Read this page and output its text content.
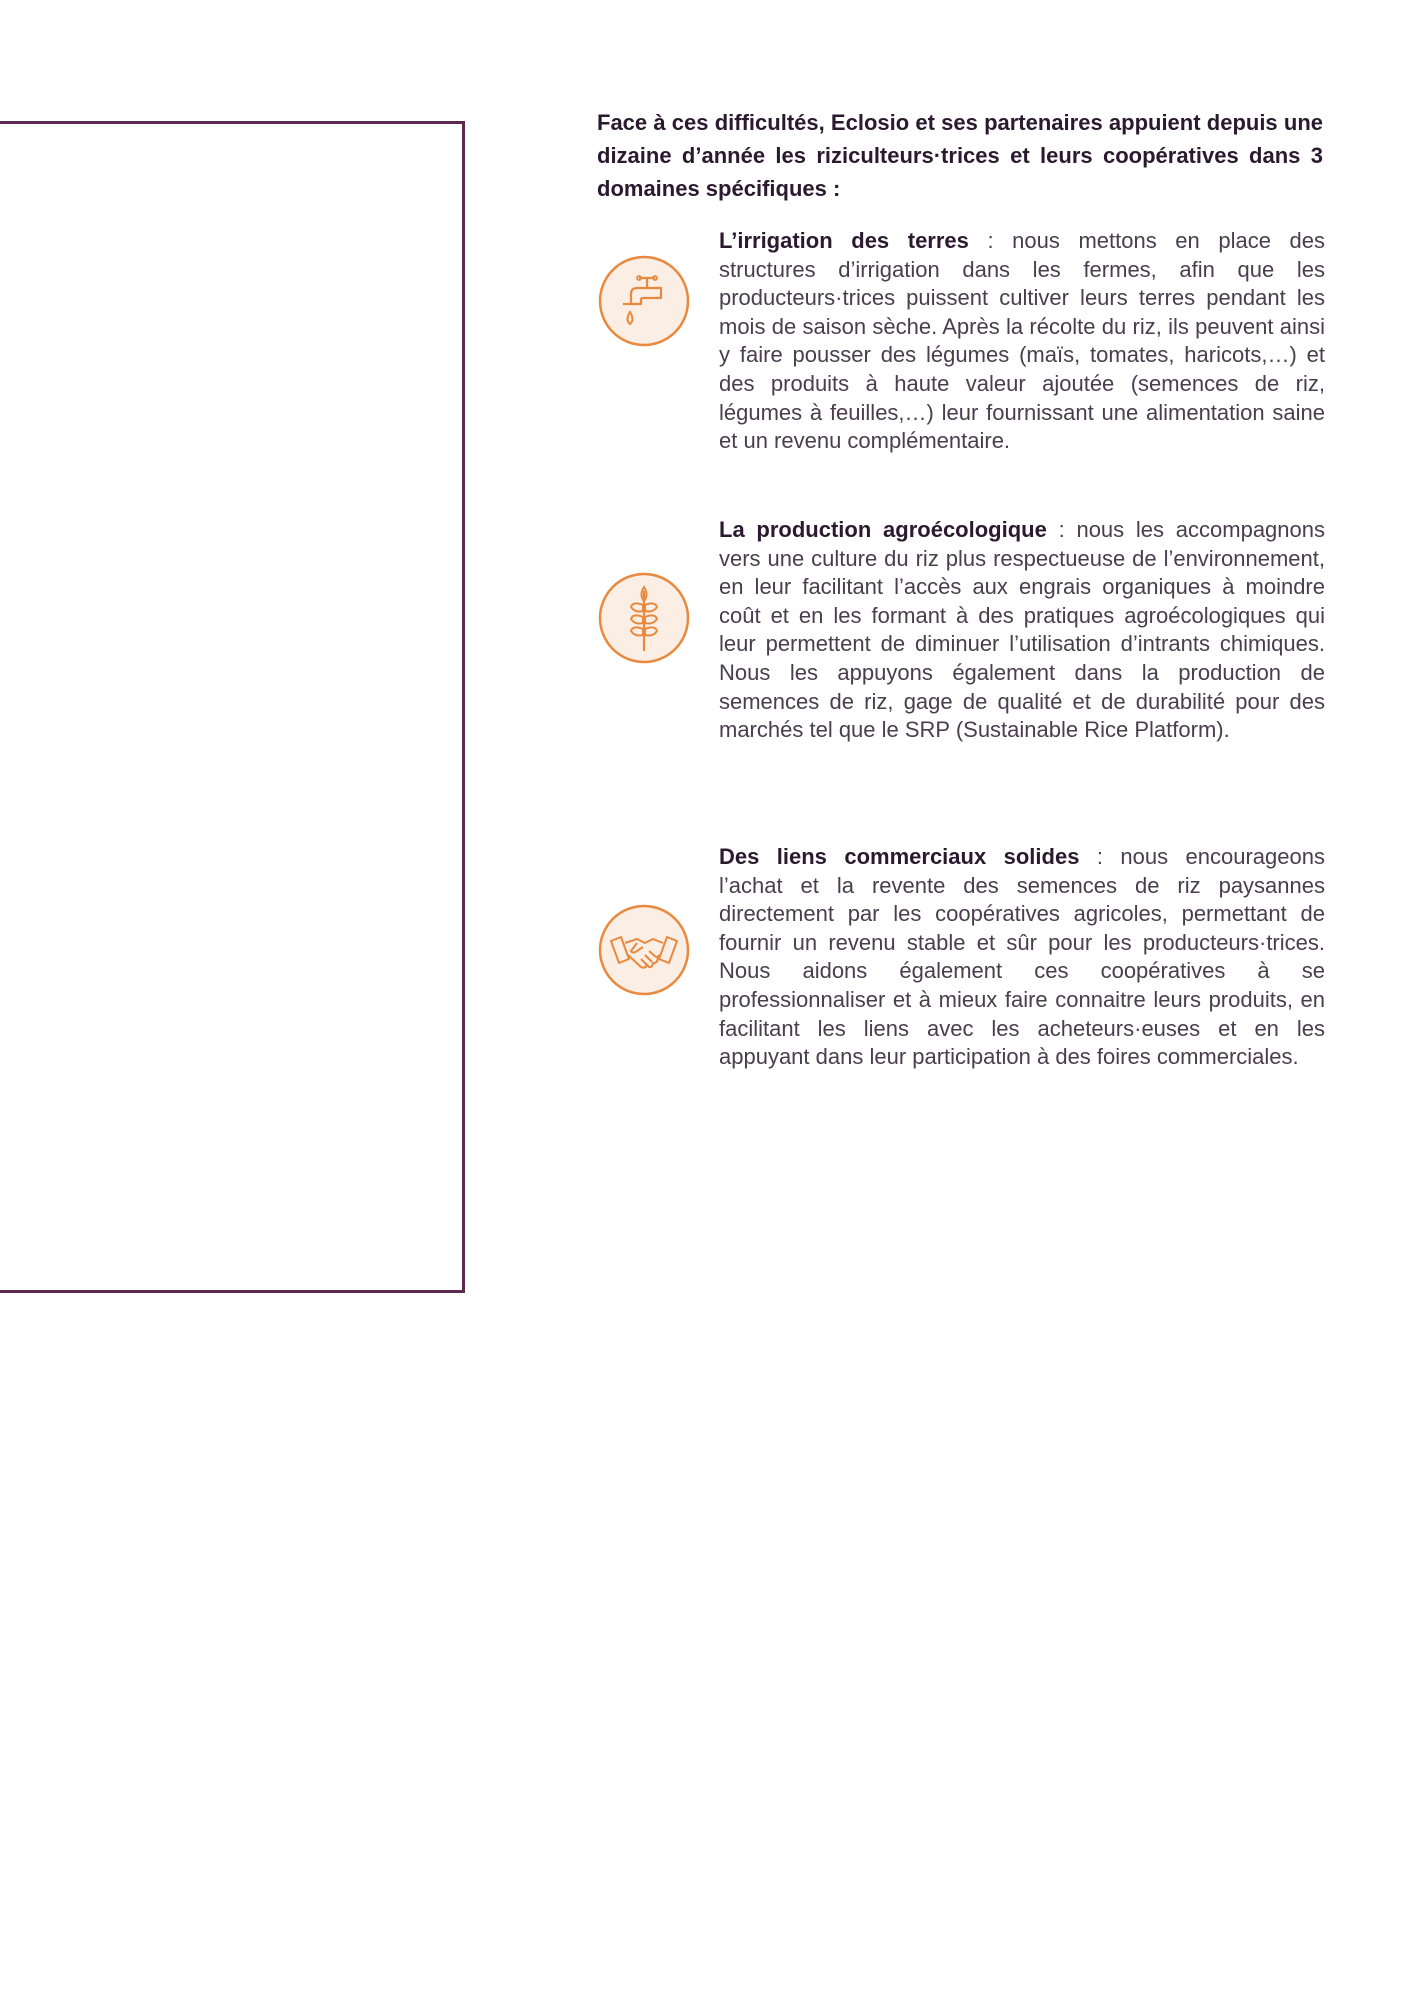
Face à ces difficultés, Eclosio et ses partenaires appuient depuis une dizaine d’année les riziculteurs·trices et leurs coopératives dans 3 domaines spécifiques :
L’irrigation des terres : nous mettons en place des structures d’irrigation dans les fermes, afin que les producteurs·trices puissent cultiver leurs terres pendant les mois de saison sèche. Après la récolte du riz, ils peuvent ainsi y faire pousser des légumes (maïs, tomates, haricots,…) et des produits à haute valeur ajoutée (semences de riz, légumes à feuilles,…) leur fournissant une alimentation saine et un revenu complémentaire.
La production agroécologique : nous les accompagnons vers une culture du riz plus respectueuse de l’environnement, en leur facilitant l’accès aux engrais organiques à moindre coût et en les formant à des pratiques agroécologiques qui leur permettent de diminuer l’utilisation d’intrants chimiques. Nous les appuyons également dans la production de semences de riz, gage de qualité et de durabilité pour des marchés tel que le SRP (Sustainable Rice Platform).
Des liens commerciaux solides : nous encourageons l’achat et la revente des semences de riz paysannes directement par les coopératives agricoles, permettant de fournir un revenu stable et sûr pour les producteurs·trices. Nous aidons également ces coopératives à se professionnaliser et à mieux faire connaitre leurs produits, en facilitant les liens avec les acheteurs·euses et en les appuyant dans leur participation à des foires commerciales.
